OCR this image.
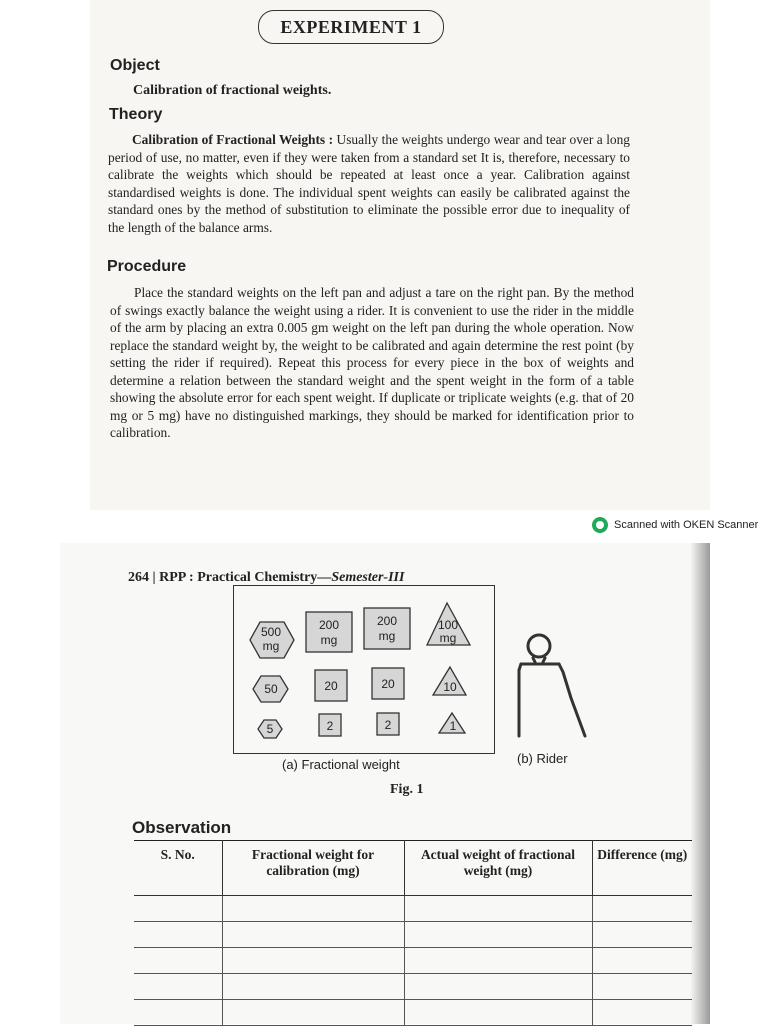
EXPERIMENT 1
Object
Calibration of fractional weights.
Theory

Calibration of Fractional Weights : Usually the weights undergo wear and tear over a long period of use, no matter, even if they were taken from a standard set It is, therefore, necessary to calibrate the weights which should be repeated at least once a year. Calibration against standardised weights is done. The individual spent weights can easily be calibrated against the standard ones by the method of substitution to eliminate the possible error due to inequality of the length of the balance arms.

Procedure

Place the standard weights on the left pan and adjust a tare on the right pan. By the method of swings exactly balance the weight using a rider. It is convenient to use the rider in the middle of the arm by placing an extra 0.005 gm weight on the left pan during the whole operation. Now replace the standard weight by, the weight to be calibrated and again determine the rest point (by setting the rider if required). Repeat this process for every piece in the box of weights and determine a relation between the standard weight and the spent weight in the form of a table showing the absolute error for each spent weight. If duplicate or triplicate weights (e.g. that of 20 mg or 5 mg) have no distinguished markings, they should be marked for identification prior to calibration.

Scanned with OKEN Scanner
264 | RPP : Practical Chemistry—Semester-III
500
mg
200
mg
200
mg
100
mg
50	20	20	10
5	2	2	1
(a) Fractional weight	(b) Rider
Fig. 1
Observation
S. No.	Fractional weight for calibration (mg)	Actual weight of fractional weight (mg)	Difference (mg)
